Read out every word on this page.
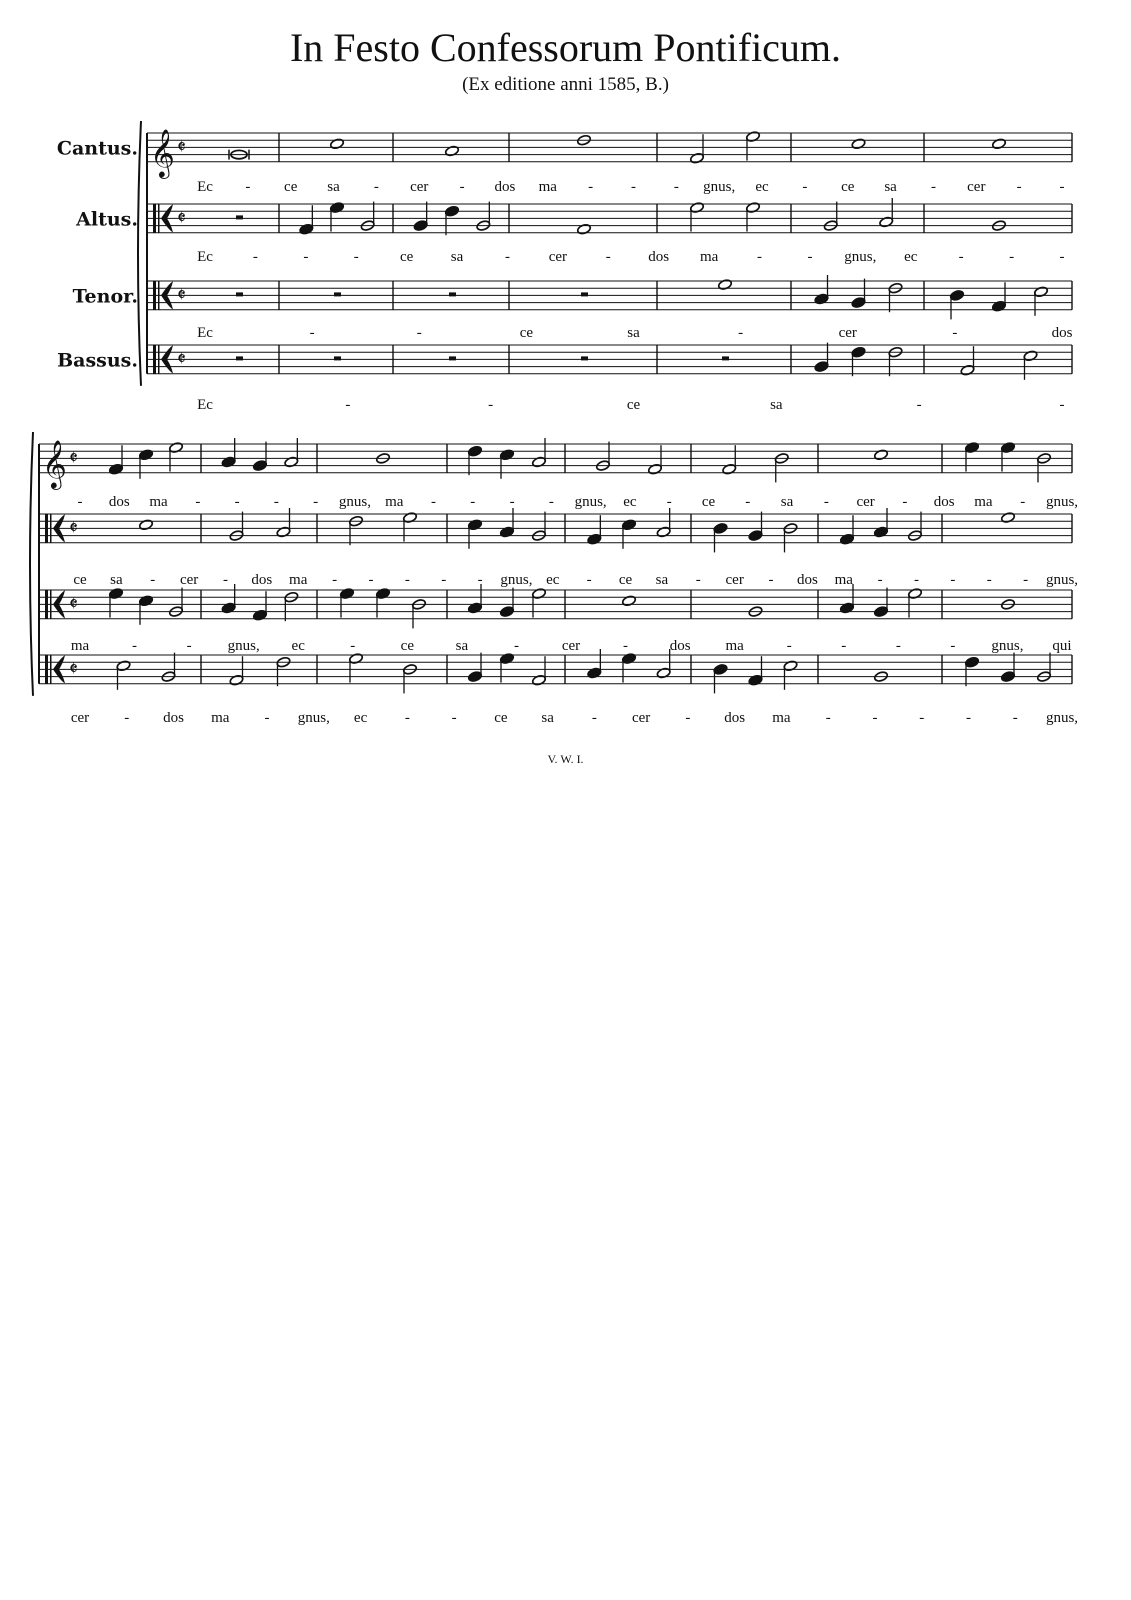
In Festo Confessorum Pontificum.
(Ex editione anni 1585, B.)
V. W. I.
𝄞 𝄵
𝄵
𝄵
𝄵
Cantus.
Altus.
Tenor.
Bassus.
Ec - ce sa - cer - dos ma -	-	- gnus, ec - ce sa - cer -	-
Ec	-	-	-	ce sa	-	cer	- dos ma	-	- gnus, ec	-	-	-
Ec	-	-	ce	sa	-	cer	-	dos
Ec	-	-	ce	sa	-	-
𝄞 𝄵
𝄵
𝄵
𝄵
- dos ma - - - - gnus, ma - - - - gnus, ec - ce - sa - cer - dos ma - gnus,
ce sa - cer - dos ma - - - - - gnus, ec - ce sa - cer - dos ma - - - - - gnus,
ma	-	- gnus, ec	-	ce	sa	-	cer	-	dos ma	-	-	-	- gnus, qui
cer - dos ma - gnus, ec	-	-	ce sa	- cer - dos ma -	-	-	-	- gnus,
